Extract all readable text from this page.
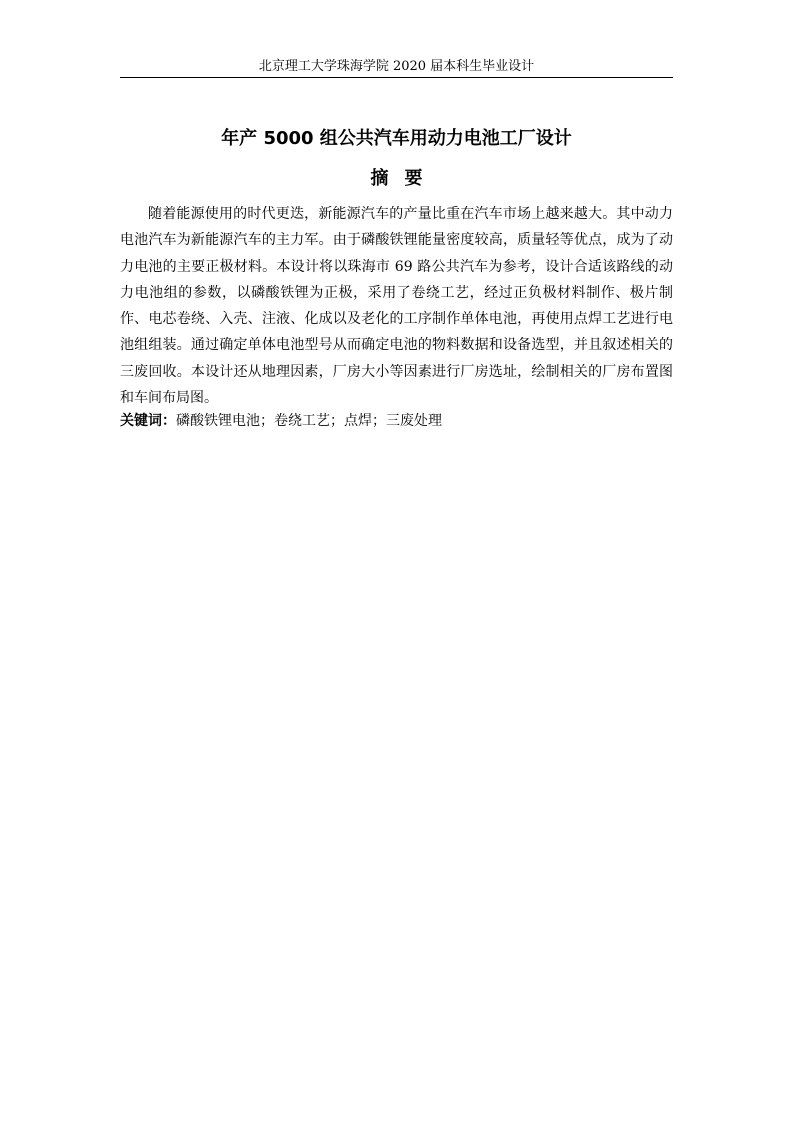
北京理工大学珠海学院 2020 届本科生毕业设计
年产 5000 组公共汽车用动力电池工厂设计
摘要

随着能源使用的时代更迭，新能源汽车的产量比重在汽车市场上越来越大。其中动力电池汽车为新能源汽车的主力军。由于磷酸铁锂能量密度较高，质量轻等优点，成为了动力电池的主要正极材料。本设计将以珠海市 69 路公共汽车为参考，设计合适该路线的动力电池组的参数，以磷酸铁锂为正极，采用了卷绕工艺，经过正负极材料制作、极片制作、电芯卷绕、入壳、注液、化成以及老化的工序制作单体电池，再使用点焊工艺进行电池组组装。通过确定单体电池型号从而确定电池的物料数据和设备选型，并且叙述相关的三废回收。本设计还从地理因素，厂房大小等因素进行厂房选址，绘制相关的厂房布置图和车间布局图。

关键词：磷酸铁锂电池；卷绕工艺；点焊；三废处理
